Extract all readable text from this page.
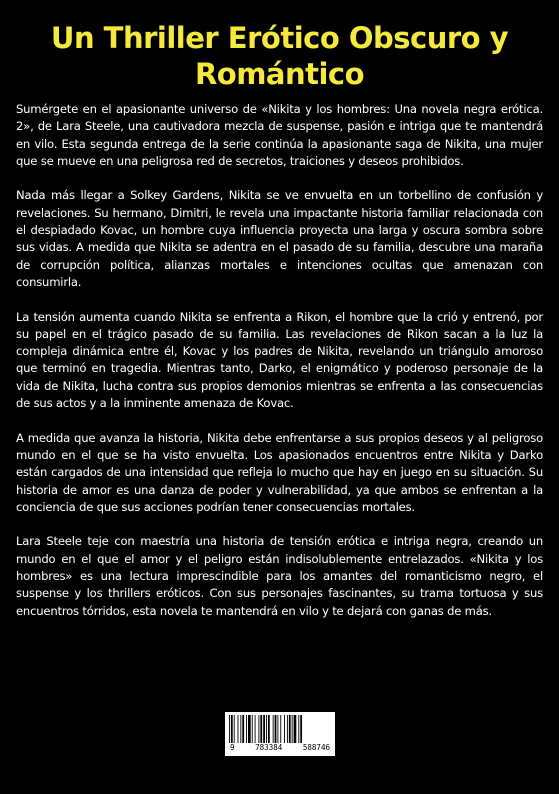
Un Thriller Erótico Obscuro y Romántico

Sumérgete en el apasionante universo de «Nikita y los hombres: Una novela negra erótica. 2», de Lara Steele, una cautivadora mezcla de suspense, pasión e intriga que te mantendrá en vilo. Esta segunda entrega de la serie continúa la apasionante saga de Nikita, una mujer que se mueve en una peligrosa red de secretos, traiciones y deseos prohibidos.

Nada más llegar a Solkey Gardens, Nikita se ve envuelta en un torbellino de confusión y revelaciones. Su hermano, Dimitri, le revela una impactante historia familiar relacionada con el despiadado Kovac, un hombre cuya influencia proyecta una larga y oscura sombra sobre sus vidas. A medida que Nikita se adentra en el pasado de su familia, descubre una maraña de corrupción política, alianzas mortales e intenciones ocultas que amenazan con consumirla.

La tensión aumenta cuando Nikita se enfrenta a Rikon, el hombre que la crió y entrenó, por su papel en el trágico pasado de su familia. Las revelaciones de Rikon sacan a la luz la compleja dinámica entre él, Kovac y los padres de Nikita, revelando un triángulo amoroso que terminó en tragedia. Mientras tanto, Darko, el enigmático y poderoso personaje de la vida de Nikita, lucha contra sus propios demonios mientras se enfrenta a las consecuencias de sus actos y a la inminente amenaza de Kovac.

A medida que avanza la historia, Nikita debe enfrentarse a sus propios deseos y al peligroso mundo en el que se ha visto envuelta. Los apasionados encuentros entre Nikita y Darko están cargados de una intensidad que refleja lo mucho que hay en juego en su situación. Su historia de amor es una danza de poder y vulnerabilidad, ya que ambos se enfrentan a la conciencia de que sus acciones podrían tener consecuencias mortales.

Lara Steele teje con maestría una historia de tensión erótica e intriga negra, creando un mundo en el que el amor y el peligro están indisolublemente entrelazados. «Nikita y los hombres» es una lectura imprescindible para los amantes del romanticismo negro, el suspense y los thrillers eróticos. Con sus personajes fascinantes, su trama tortuosa y sus encuentros tórridos, esta novela te mantendrá en vilo y te dejará con ganas de más.

9	783384	588746
